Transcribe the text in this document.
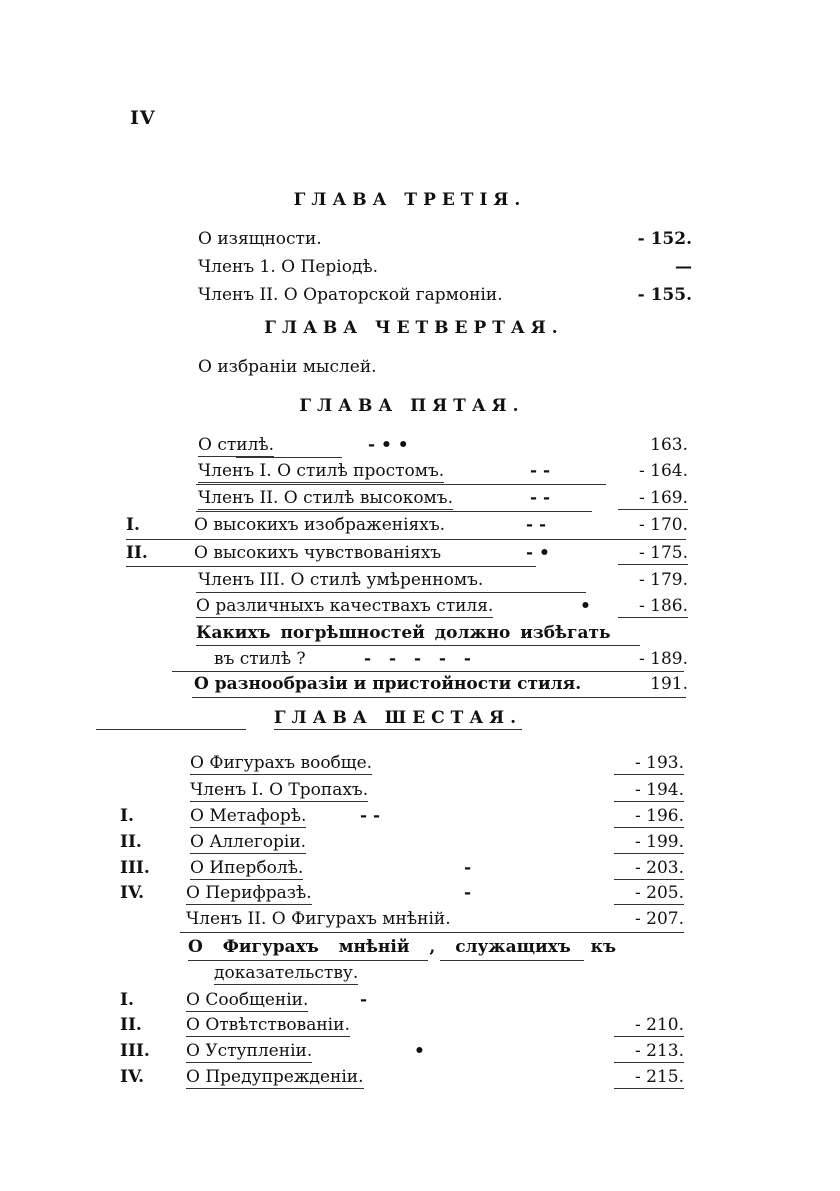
IV
ГЛАВА ТРЕТІЯ.
О изящности.	- 152.
Членъ 1. О Періодѣ.	—
Членъ II. О Ораторской гармоніи.	- 155.
ГЛАВА ЧЕТВЕРТАЯ.
О избраніи мыслей.
ГЛАВА ПЯТАЯ.
О стилѣ.	- • •	163.
Членъ I. О стилѣ простомъ.	- -	- 164.
Членъ II. О стилѣ высокомъ.	- -	- 169.
I.	О высокихъ изображеніяхъ.	- -	- 170.
II.	О высокихъ чувствованіяхъ	- •	- 175.
Членъ III. О стилѣ умѣренномъ.	- 179.
О различныхъ качествахъ стиля.	•	- 186.
Какихъ погрѣшностей должно избѣгать
въ стилѣ ?	- - - - -	- 189.
О разнообразіи и пристойности стиля.	191.
ГЛАВА ШЕСТАЯ.
О Фигурахъ вообще.	- 193.
Членъ I. О Тропахъ.	- 194.
I.	О Метафорѣ.	- -	- 196.
II.	О Аллегоріи.	- 199.
III. О Иперболѣ.	-	- 203.
IV. О Перифразѣ.	-	- 205.
Членъ II. О Фигурахъ мнѣній.	- 207.
О Фигурахъ мнѣній , служащихъ къ
доказательству.
I.	О Сообщеніи.	-
II.	О Отвѣтствованіи.	- 210.
III. О Уступленіи.	•	- 213.
IV. О Предупрежденіи.	- 215.
